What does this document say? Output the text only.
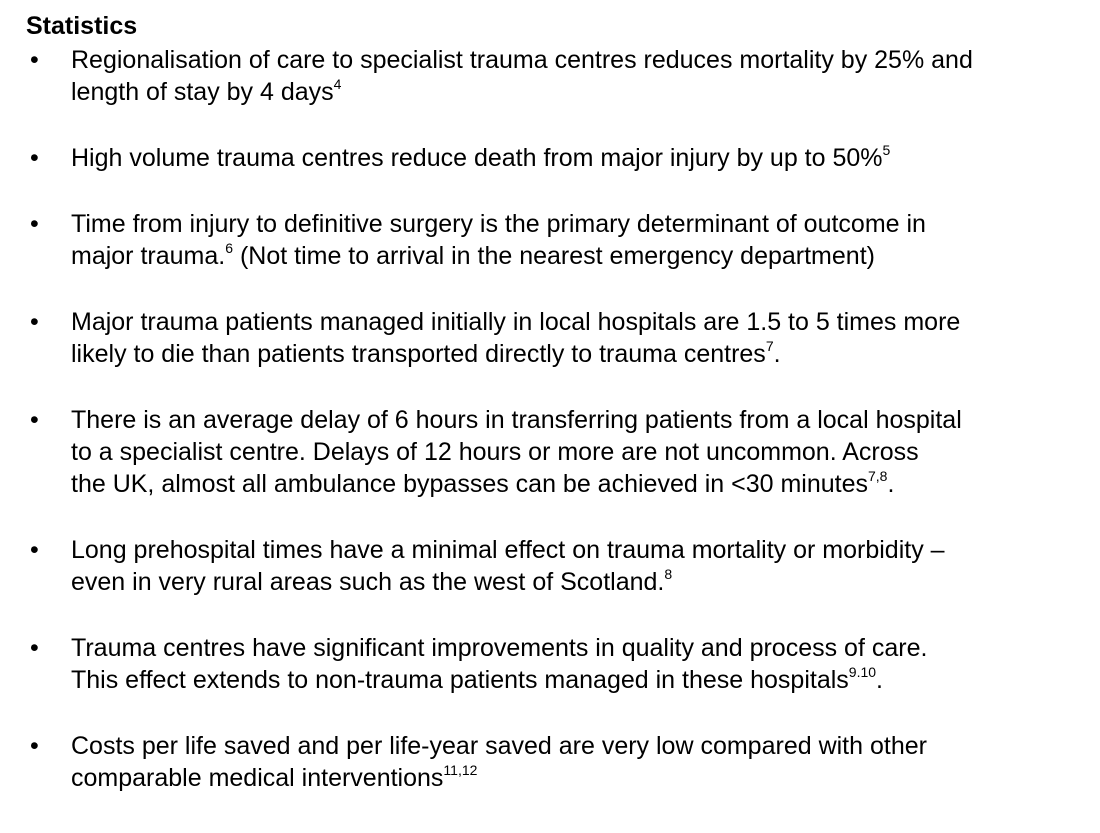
Statistics
• Regionalisation of care to specialist trauma centres reduces mortality by 25% and
length of stay by 4 days$^4$
• High volume trauma centres reduce death from major injury by up to 50%$^5$
• Time from injury to definitive surgery is the primary determinant of outcome in
major trauma.$^6$ (Not time to arrival in the nearest emergency department)
• Major trauma patients managed initially in local hospitals are 1.5 to 5 times more
likely to die than patients transported directly to trauma centres$^7$.
• There is an average delay of 6 hours in transferring patients from a local hospital
to a specialist centre. Delays of 12 hours or more are not uncommon. Across
the UK, almost all ambulance bypasses can be achieved in <30 minutes$^{7,8}$.
• Long prehospital times have a minimal effect on trauma mortality or morbidity –
even in very rural areas such as the west of Scotland.$^8$
• Trauma centres have significant improvements in quality and process of care.
This effect extends to non-trauma patients managed in these hospitals$^{9.10}$.
• Costs per life saved and per life-year saved are very low compared with other
comparable medical interventions$^{11,12}$
